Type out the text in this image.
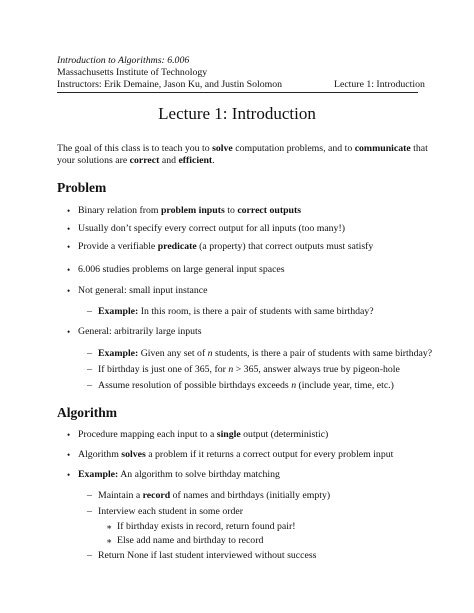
Introduction to Algorithms: 6.006
Massachusetts Institute of Technology
Instructors: Erik Demaine, Jason Ku, and Justin Solomon	Lecture 1: Introduction
Lecture 1: Introduction
The goal of this class is to teach you to solve computation problems, and to communicate that
your solutions are correct and efficient.
Problem
• Binary relation from problem inputs to correct outputs
• Usually don’t specify every correct output for all inputs (too many!)
• Provide a verifiable predicate (a property) that correct outputs must satisfy
• 6.006 studies problems on large general input spaces
• Not general: small input instance
– Example: In this room, is there a pair of students with same birthday?
• General: arbitrarily large inputs
– Example: Given any set of n students, is there a pair of students with same birthday?
– If birthday is just one of 365, for n > 365, answer always true by pigeon-hole
– Assume resolution of possible birthdays exceeds n (include year, time, etc.)
Algorithm
• Procedure mapping each input to a single output (deterministic)
• Algorithm solves a problem if it returns a correct output for every problem input
• Example: An algorithm to solve birthday matching
– Maintain a record of names and birthdays (initially empty)
– Interview each student in some order
∗ If birthday exists in record, return found pair!
∗ Else add name and birthday to record
– Return None if last student interviewed without success
